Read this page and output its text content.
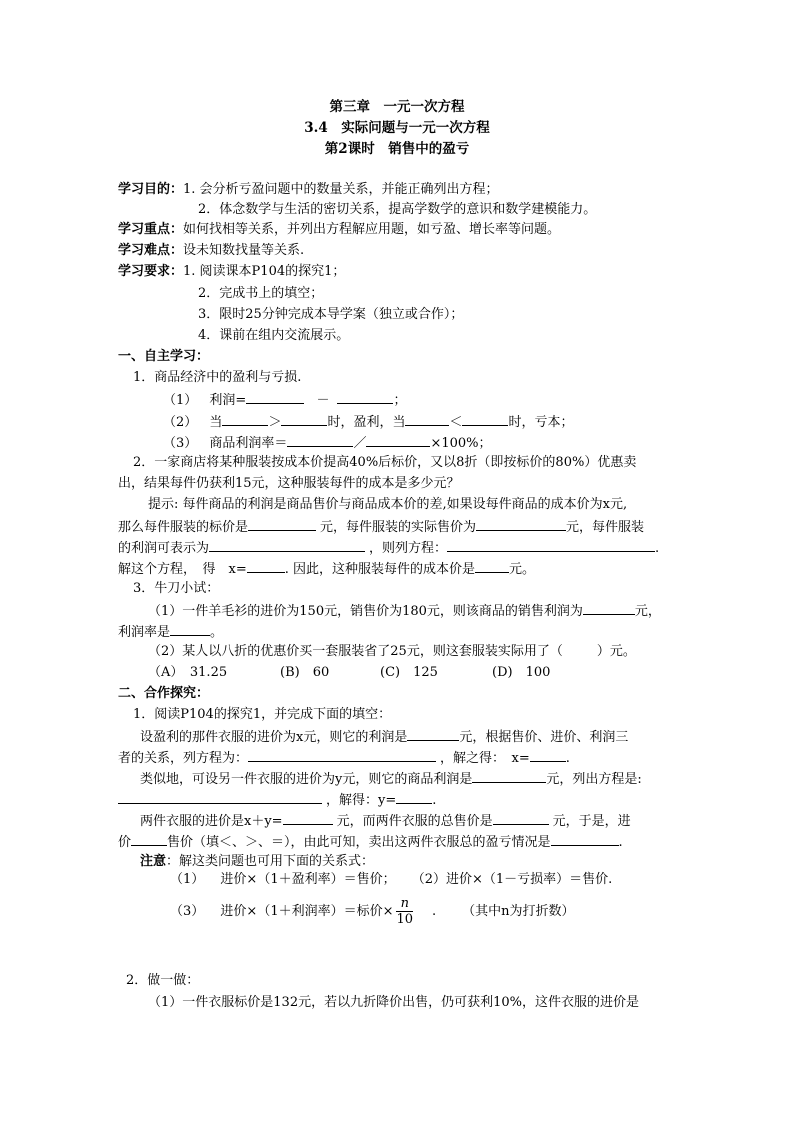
第三章　一元一次方程
3.4　实际问题与一元一次方程
第2课时　销售中的盈亏
学习目的：1. 会分析亏盈问题中的数量关系，并能正确列出方程；
2．体念数学与生活的密切关系，提高学数学的意识和数学建模能力。
学习重点：如何找相等关系，并列出方程解应用题，如亏盈、增长率等问题。
学习难点：设未知数找量等关系.
学习要求：1. 阅读课本P104的探究1；
2．完成书上的填空；
3．限时25分钟完成本导学案（独立或合作）；
4．课前在组内交流展示。
一、自主学习：
1．商品经济中的盈利与亏损.
（1） 利润=	－	；
（2） 当	＞	时，盈利，当	＜	时，亏本；
（3） 商品利润率＝	／	×100%；
2．一家商店将某种服装按成本价提高40%后标价，又以8折（即按标价的80%）优惠卖
出，结果每件仍获利15元，这种服装每件的成本是多少元？
提示: 每件商品的利润是商品售价与商品成本价的差,如果设每件商品的成本价为x元,
那么每件服装的标价是	元，每件服装的实际售价为	元，每件服装
的利润可表示为	，则列方程：	.
解这个方程，　得　x=	. 因此，这种服装每件的成本价是	元。
3．牛刀小试：
（1）一件羊毛衫的进价为150元，销售价为180元，则该商品的销售利润为	元，
利润率是	。
（2）某人以八折的优惠价买一套服装省了25元，则这套服装实际用了（	）元。
（A）　31.25	(B)　60	(C)　125	(D)　100
二、合作探究：
1．阅读P104的探究1，并完成下面的填空：
设盈利的那件衣服的进价为x元，则它的利润是	元，根据售价、进价、利润三
者的关系，列方程为：	，解之得：　x=	.
类似地，可设另一件衣服的进价为y元，则它的商品利润是	元，列出方程是:
，解得：y=	.
两件衣服的进价是x＋y=	元，而两件衣服的总售价是	元，于是，进
价	售价（填＜、＞、＝），由此可知，卖出这两件衣服总的盈亏情况是	.
注意：解这类问题也可用下面的关系式：
（1） 进价×（1＋盈利率）＝售价； （2）进价×（1－亏损率）＝售价.
（3） 进价×（1＋利润率）＝标价× $\frac{n}{10}$ . （其中n为打折数）
2．做一做：
（1）一件衣服标价是132元，若以九折降价出售，仍可获利10%，这件衣服的进价是
